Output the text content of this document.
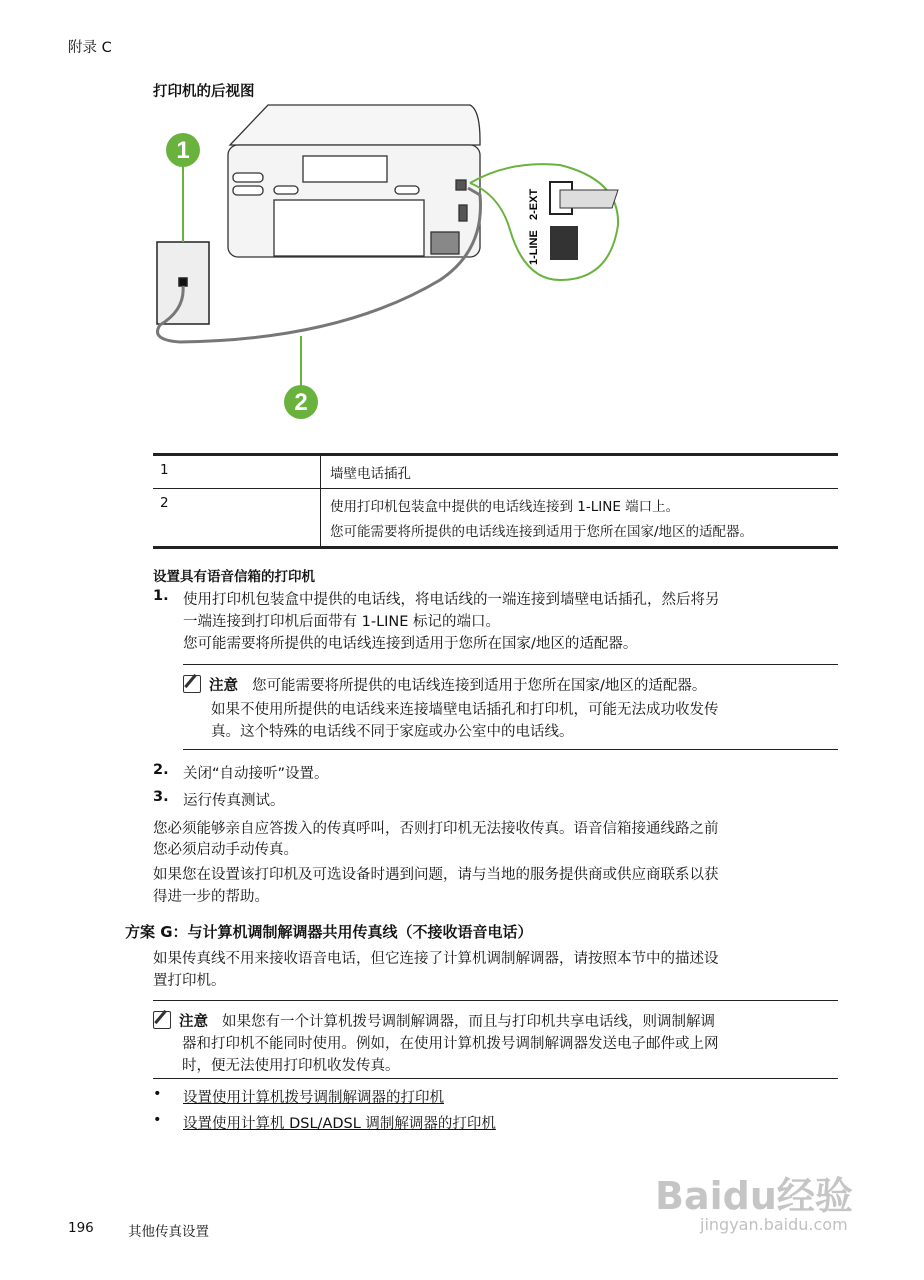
附录 C
打印机的后视图
1
2
2-EXT
1-LINE
1	墙壁电话插孔
2	使用打印机包装盒中提供的电话线连接到 1-LINE 端口上。
您可能需要将所提供的电话线连接到适用于您所在国家/地区的适配器。
设置具有语音信箱的打印机
1. 使用打印机包装盒中提供的电话线，将电话线的一端连接到墙壁电话插孔，然后将另
一端连接到打印机后面带有 1-LINE 标记的端口。
您可能需要将所提供的电话线连接到适用于您所在国家/地区的适配器。
注意 您可能需要将所提供的电话线连接到适用于您所在国家/地区的适配器。
如果不使用所提供的电话线来连接墙壁电话插孔和打印机，可能无法成功收发传
真。这个特殊的电话线不同于家庭或办公室中的电话线。
2. 关闭“自动接听”设置。
3. 运行传真测试。
您必须能够亲自应答拨入的传真呼叫，否则打印机无法接收传真。语音信箱接通线路之前
您必须启动手动传真。
如果您在设置该打印机及可选设备时遇到问题，请与当地的服务提供商或供应商联系以获
得进一步的帮助。
方案 G：与计算机调制解调器共用传真线（不接收语音电话）
如果传真线不用来接收语音电话，但它连接了计算机调制解调器，请按照本节中的描述设
置打印机。
注意 如果您有一个计算机拨号调制解调器，而且与打印机共享电话线，则调制解调
器和打印机不能同时使用。例如，在使用计算机拨号调制解调器发送电子邮件或上网
时，便无法使用打印机收发传真。
• 设置使用计算机拨号调制解调器的打印机
• 设置使用计算机 DSL/ADSL 调制解调器的打印机
196	其他传真设置
Baidu经验
jingyan.baidu.com
